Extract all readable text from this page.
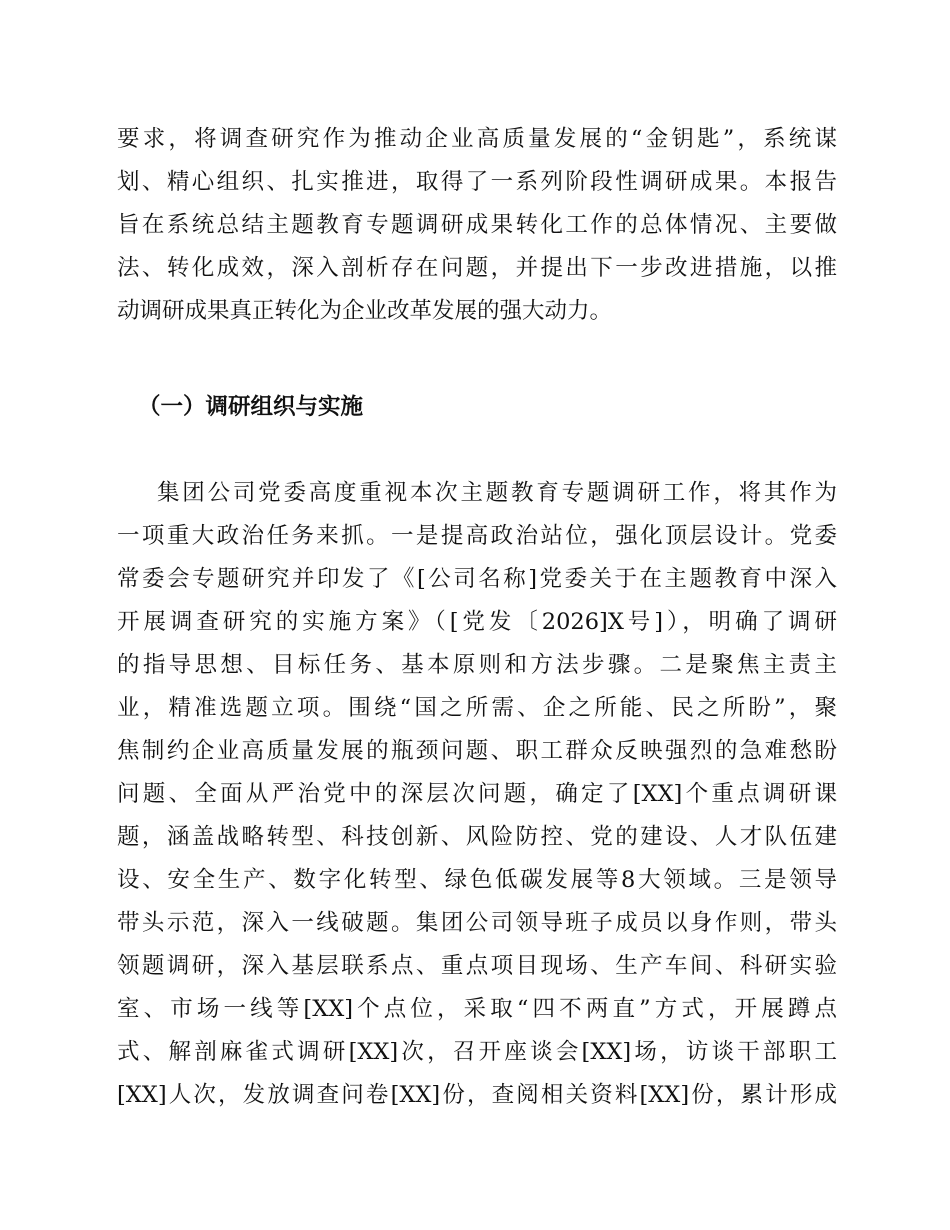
要求，将调查研究作为推动企业高质量发展的“金钥匙”，系统谋
划、精心组织、扎实推进，取得了一系列阶段性调研成果。本报告
旨在系统总结主题教育专题调研成果转化工作的总体情况、主要做
法、转化成效，深入剖析存在问题，并提出下一步改进措施，以推
动调研成果真正转化为企业改革发展的强大动力。
（一）调研组织与实施
集团公司党委高度重视本次主题教育专题调研工作，将其作为
一项重大政治任务来抓。一是提高政治站位，强化顶层设计。党委
常委会专题研究并印发了《[公司名称]党委关于在主题教育中深入
开展调查研究的实施方案》（[党发〔2026]X号]），明确了调研
的指导思想、目标任务、基本原则和方法步骤。二是聚焦主责主
业，精准选题立项。围绕“国之所需、企之所能、民之所盼”，聚
焦制约企业高质量发展的瓶颈问题、职工群众反映强烈的急难愁盼
问题、全面从严治党中的深层次问题，确定了[XX]个重点调研课
题，涵盖战略转型、科技创新、风险防控、党的建设、人才队伍建
设、安全生产、数字化转型、绿色低碳发展等8大领域。三是领导
带头示范，深入一线破题。集团公司领导班子成员以身作则，带头
领题调研，深入基层联系点、重点项目现场、生产车间、科研实验
室、市场一线等[XX]个点位，采取“四不两直”方式，开展蹲点
式、解剖麻雀式调研[XX]次，召开座谈会[XX]场，访谈干部职工
[XX]人次，发放调查问卷[XX]份，查阅相关资料[XX]份，累计形成
